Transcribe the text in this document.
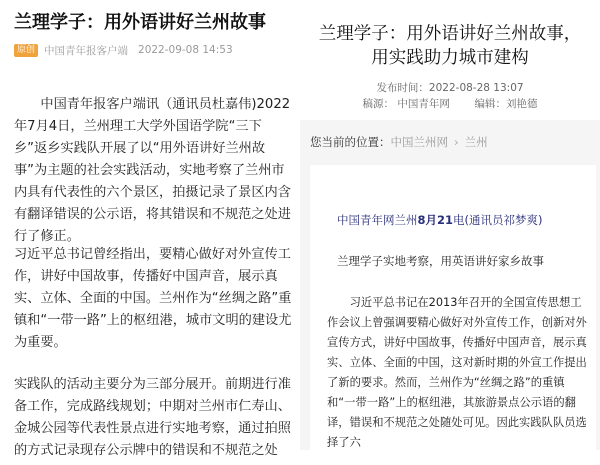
兰理学子：用外语讲好兰州故事
原创 中国青年报客户端 2022-09-08 14:53
中国青年报客户端讯（通讯员杜嘉伟)2022年7月4日，兰州理工大学外国语学院“三下乡”返乡实践队开展了以“用外语讲好兰州故事”为主题的社会实践活动，实地考察了兰州市内具有代表性的六个景区，拍摄记录了景区内含有翻译错误的公示语，将其错误和不规范之处进行了修正。
习近平总书记曾经指出，要精心做好对外宣传工作，讲好中国故事，传播好中国声音，展示真实、立体、全面的中国。兰州作为“丝绸之路”重镇和“一带一路”上的枢纽港，城市文明的建设尤为重要。
实践队的活动主要分为三部分展开。前期进行准备工作，完成路线规划；中期对兰州市仁寿山、金城公园等代表性景点进行实地考察，通过拍照的方式记录现存公示牌中的错误和不规范之处
兰理学子：用外语讲好兰州故事，
用实践助力城市建构
发布时间：2022-08-28 13:07
稿源： 中国青年网 编辑：刘艳德
您当前的位置： 中国兰州网 › 兰州
中国青年网兰州8月21电(通讯员祁梦爽)
兰理学子实地考察，用英语讲好家乡故事
习近平总书记在2013年召开的全国宣传思想工作会议上曾强调要精心做好对外宣传工作，创新对外宣传方式，讲好中国故事，传播好中国声音，展示真实、立体、全面的中国，这对新时期的外宣工作提出了新的要求。然而，兰州作为“丝绸之路”的重镇和“一带一路”上的枢纽港，其旅游景点公示语的翻译，错误和不规范之处随处可见。因此实践队队员选择了六
